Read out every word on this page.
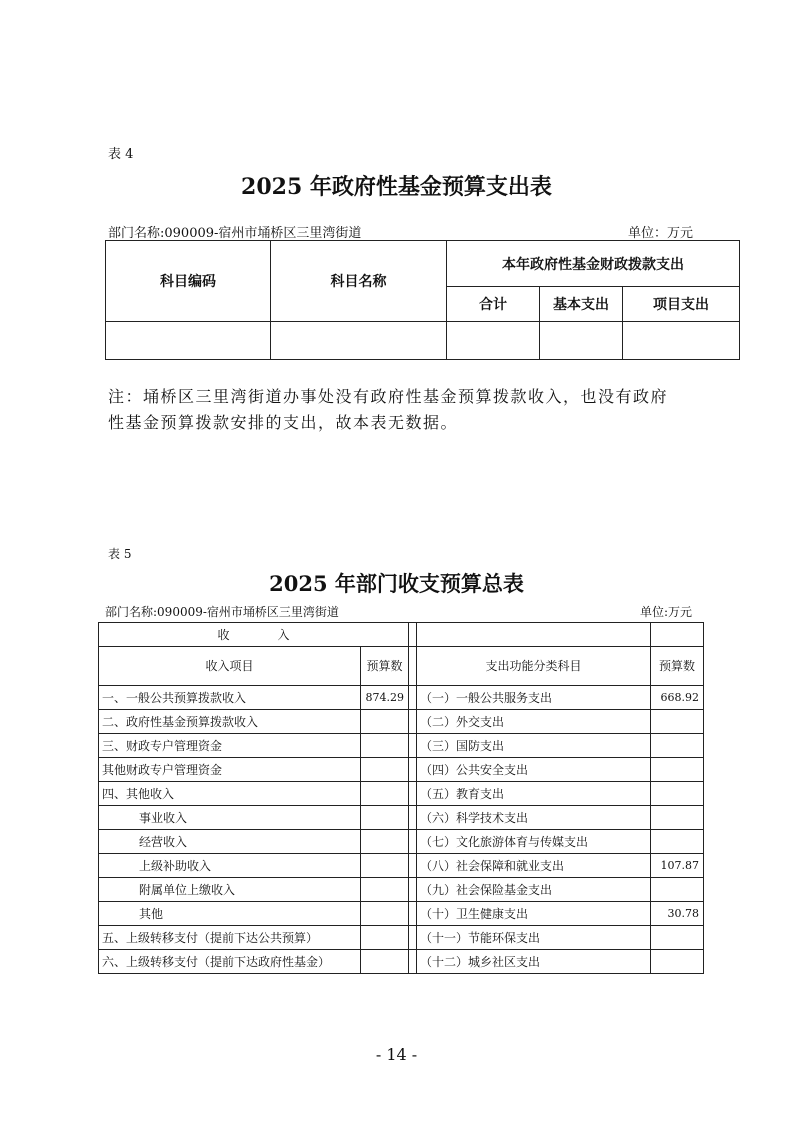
表 4
2025 年政府性基金预算支出表
部门名称:090009-宿州市埇桥区三里湾街道	单位：万元
科目编码	科目名称	本年政府性基金财政拨款支出		
		合计	基本支出	项目支出

注：埇桥区三里湾街道办事处没有政府性基金预算拨款收入，也没有政府
性基金预算拨款安排的支出，故本表无数据。
表 5
2025 年部门收支预算总表
部门名称:090009-宿州市埇桥区三里湾街道	单位:万元
收　　　　入				
收入项目	预算数		支出功能分类科目	预算数
一、一般公共预算拨款收入	874.29		（一）一般公共服务支出	668.92
二、政府性基金预算拨款收入			（二）外交支出	
三、财政专户管理资金			（三）国防支出	
其他财政专户管理资金			（四）公共安全支出	
四、其他收入			（五）教育支出	
事业收入			（六）科学技术支出	
经营收入			（七）文化旅游体育与传媒支出	
上级补助收入			（八）社会保障和就业支出	107.87
附属单位上缴收入			（九）社会保险基金支出	
其他			（十）卫生健康支出	30.78
五、上级转移支付（提前下达公共预算）			（十一）节能环保支出	
六、上级转移支付（提前下达政府性基金）			（十二）城乡社区支出	
- 14 -
